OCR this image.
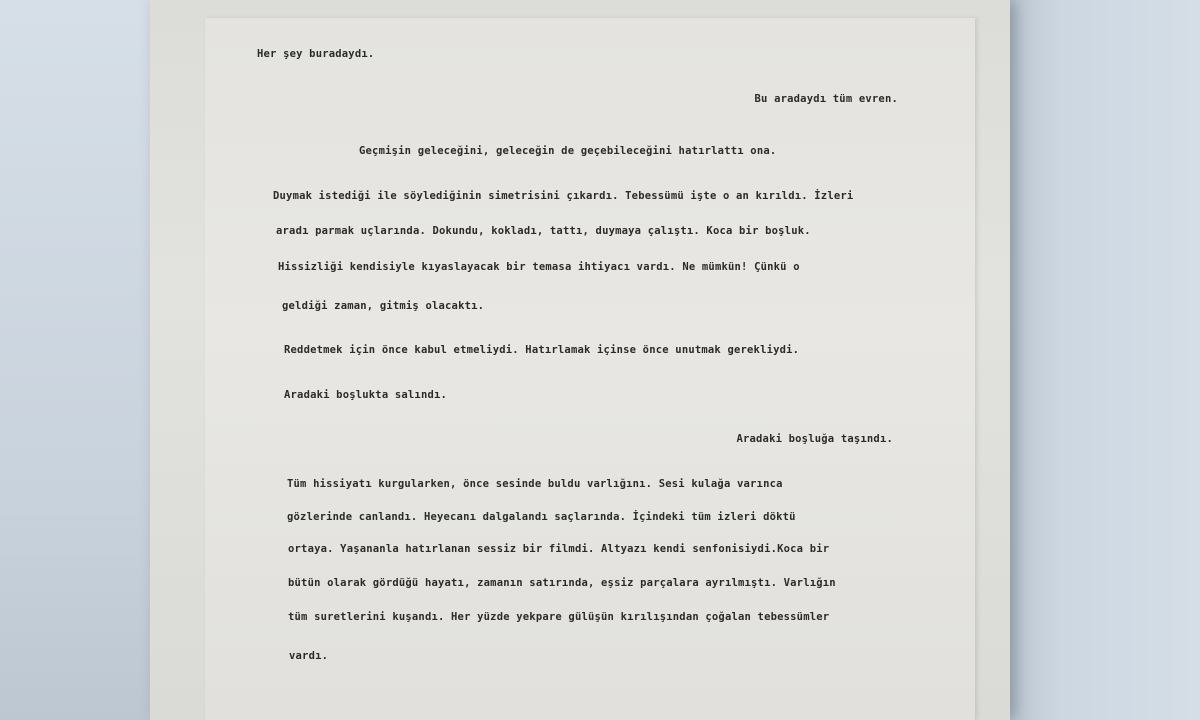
Her şey buradaydı.
Bu aradaydı tüm evren.
Geçmişin geleceğini, geleceğin de geçebileceğini hatırlattı ona.
Duymak istediği ile söylediğinin simetrisini çıkardı. Tebessümü işte o an kırıldı. İzleri
aradı parmak uçlarında. Dokundu, kokladı, tattı, duymaya çalıştı. Koca bir boşluk.
Hissizliği kendisiyle kıyaslayacak bir temasa ihtiyacı vardı. Ne mümkün! Çünkü o
geldiği zaman, gitmiş olacaktı.
Reddetmek için önce kabul etmeliydi. Hatırlamak içinse önce unutmak gerekliydi.
Aradaki boşlukta salındı.
Aradaki boşluğa taşındı.
Tüm hissiyatı kurgularken, önce sesinde buldu varlığını. Sesi kulağa varınca
gözlerinde canlandı. Heyecanı dalgalandı saçlarında. İçindeki tüm izleri döktü
ortaya. Yaşananla hatırlanan sessiz bir filmdi. Altyazı kendi senfonisiydi.Koca bir
bütün olarak gördüğü hayatı, zamanın satırında, eşsiz parçalara ayrılmıştı. Varlığın
tüm suretlerini kuşandı. Her yüzde yekpare gülüşün kırılışından çoğalan tebessümler
vardı.
